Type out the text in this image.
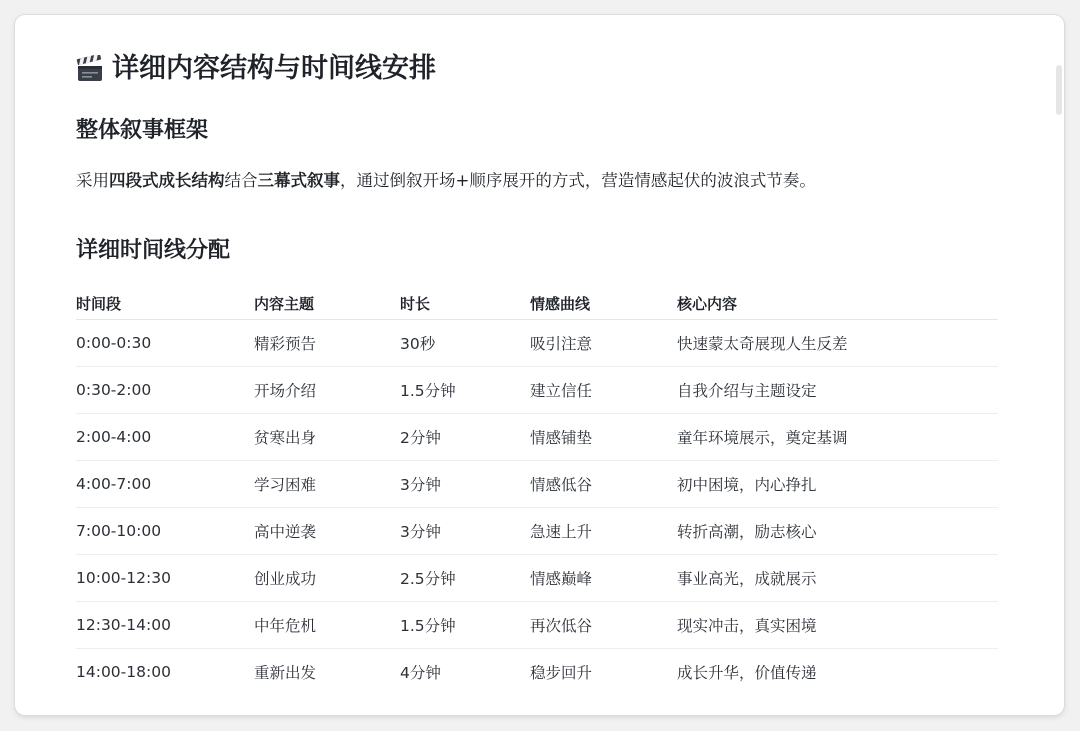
详细内容结构与时间线安排
整体叙事框架

采用四段式成长结构结合三幕式叙事，通过倒叙开场+顺序展开的方式，营造情感起伏的波浪式节奏。

详细时间线分配
时间段	内容主题	时长	情感曲线	核心内容
0:00-0:30	精彩预告	30秒	吸引注意	快速蒙太奇展现人生反差
0:30-2:00	开场介绍	1.5分钟	建立信任	自我介绍与主题设定
2:00-4:00	贫寒出身	2分钟	情感铺垫	童年环境展示，奠定基调
4:00-7:00	学习困难	3分钟	情感低谷	初中困境，内心挣扎
7:00-10:00	高中逆袭	3分钟	急速上升	转折高潮，励志核心
10:00-12:30	创业成功	2.5分钟	情感巅峰	事业高光，成就展示
12:30-14:00	中年危机	1.5分钟	再次低谷	现实冲击，真实困境
14:00-18:00	重新出发	4分钟	稳步回升	成长升华，价值传递
